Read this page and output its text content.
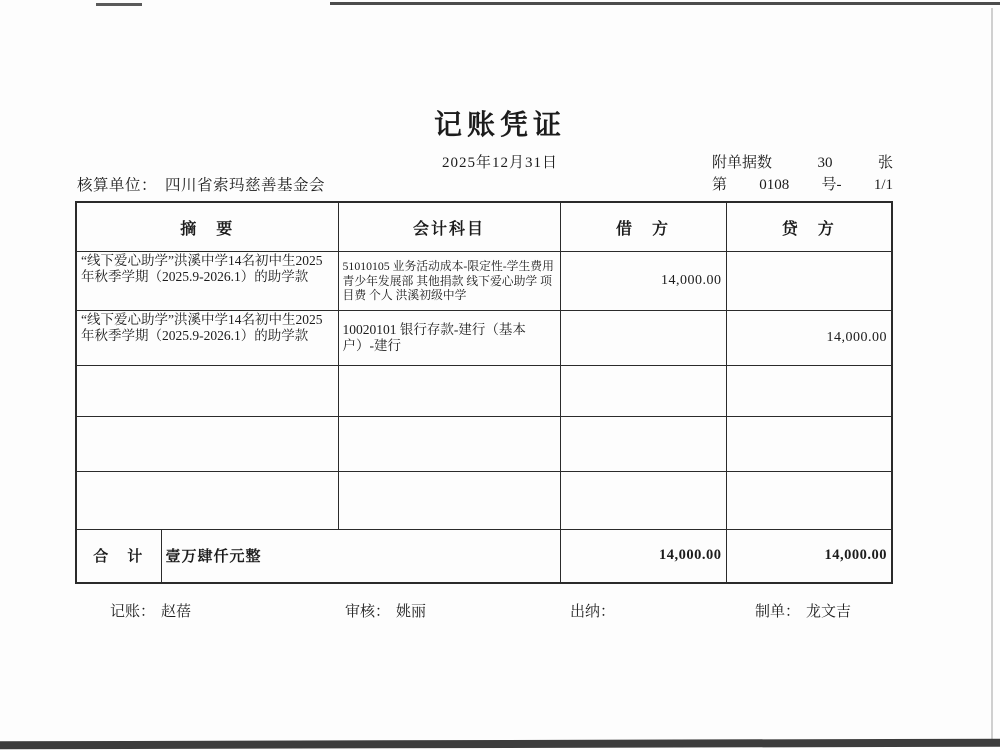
记账凭证
2025年12月31日	附单据数	30	张
核算单位： 四川省索玛慈善基金会	第 0108 号- 1/1
摘　要		会计科目	借　方	贷　方
“线下爱心助学”洪溪中学14名初中生2025年秋季学期（2025.9-2026.1）的助学款		51010105 业务活动成本-限定性-学生费用 青少年发展部 其他捐款 线下爱心助学 项目费 个人 洪溪初级中学	14,000.00	
“线下爱心助学”洪溪中学14名初中生2025年秋季学期（2025.9-2026.1）的助学款		10020101 银行存款-建行（基本户）-建行		14,000.00

合　计	壹万肆仟元整		14,000.00	14,000.00
记账： 赵蓓	审核： 姚丽	出纳：	制单： 龙文吉
